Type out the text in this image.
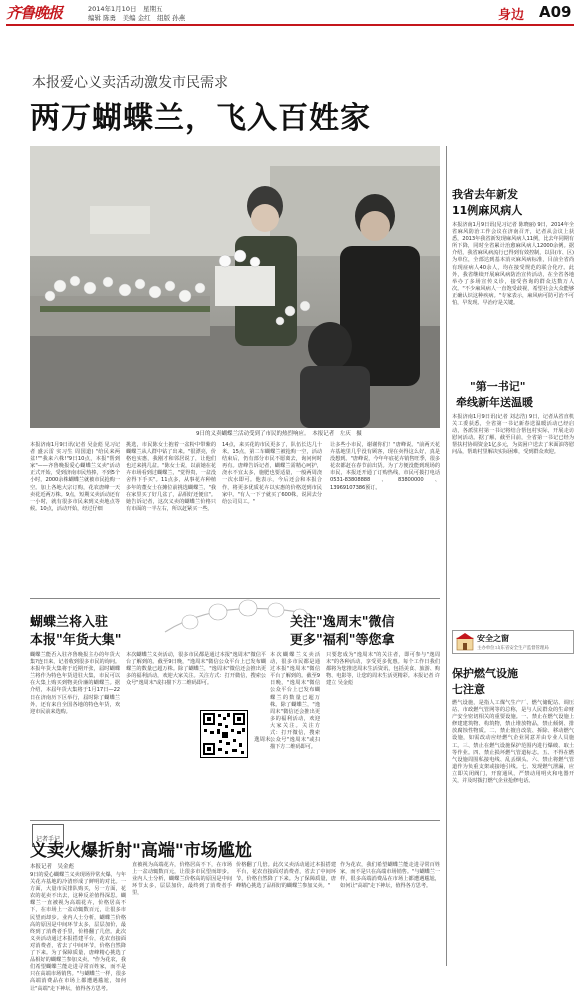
齐鲁晚报	2014年1月10日　星期五
编辑 陈勇　美编 金红　组版 孙燕	身边 A09
本报爱心义卖活动激发市民需求
两万蝴蝶兰，飞入百姓家
9日的义卖蝴蝶兰活动受到了市民的热烈响应。　本报记者　左庆　摄
本报济南1月9日讯(记者 吴金彪 见习记者 盛云雷 实习生 周国道) "给民来两盆!""我来六株!"9日10点，本报"帮到家"——齐鲁晚报爱心蝴蝶兰义卖"活动正式开始，受到济南市民热捧，不到5个小时，2000余株蝴蝶兰就被市民抢购一空。加上各地大宗订购，花农唐峰一天卖花近两万株。9点，短期义卖活动还有一小时，就有很多市民来到义卖地点等候。10点，活动开始，经过仔细
挑选，市民陈女士抱着一盆粉中带紫的蝴蝶兰从人群中钻了出来。"很漂亮，价格也实惠，我刚才和邻居说了，让他们也过来挑几盆。"陈女士说，以前她在花卉市场看到过蝴蝶兰，"觉得贵，一盆没舍得下手买"。11点多，从事花卉种植多年的董女士在摊位前挑选蝴蝶兰，"我在家里买了好几盆了，品相好还便宜"。她告诉记者，这次义卖的蝴蝶兰价格只有市面的一半左右，所以赶紧买一些。
14点，来买花的市民更多了，队伍长达几十米。15点，第二车蝴蝶兰被抢购一空，活动结束后，仍有部分市民不愿离去，询问何时再有。唐峰告诉记者，蝴蝶兰需精心呵护，浇水不宜太多，施肥也要适量，一般两周浇一次水即可。他表示，今后还会和本报合作，将更多优质花卉以实惠的价格送到市民家中。"有人一下子就买了600株，说回去分给公司员工。"
让多些小市民，谢谢你们！"唐峰说。"前两天花卉基地里几乎没有顾客，现在卖得这么好，真是没想到。"唐峰说，今年年底花卉销售旺季，很多花农都赶在春节前出货。为了方便没能到现场的市民，本报还开通了订购热线，市民可拨打电话0531-83808888、83800000、13969107386预订。
我省去年新发
11例麻风病人
本报济南1月9日讯(见习记者 陈晓丽) 9日，2014年全省麻风防治工作会议在济南召开，记者从会议上获悉，2013年我省新发现麻风病人11例，比去年同期有所下降，同时全省累计治愈麻风病人12000余例。据介绍，我省麻风病流行已得到有效控制，以县(市、区)为单位，全部达到基本消灭麻风病标准，目前全省尚有现症病人40余人，均在接受规范的联合化疗。此外，我省继续开展麻风病防治宣传活动，在全省各地举办了多场宣传义诊，接受咨询的群众达数万人次。"不少麻风病人一直饱受歧视，希望社会大众能够正确认识这种疾病。"专家表示，麻风病可防可治不可怕，早发现、早治疗是关键。
"第一书记"
牵线新年送温暖
本报济南1月9日讯(记者 刘志浩) 9日，记者从省直机关工委获悉，全省第一书记新春送温暖活动已经启动，各派驻村第一书记将结合帮包村实际，开展走访慰问活动。据了解，截至目前，全省第一书记已经为帮扶村协调资金1亿多元，为贫困户送去了米面油等慰问品，帮助村里解决实际困难，受到群众欢迎。
安全之窗
主办单位:山东省安全生产监督管理局
保护燃气设施
七注意
燃气设施，是指人工煤气生产厂、燃气储配站、调压站、市政燃气管网等的总称，是与人民群众的生命财产安全密切相关的重要设施。一、禁止在燃气设施上修建建筑物、构筑物，禁止堆放物品，禁止倾倒、排放腐蚀性物质。二、禁止擅自改装、拆除、移动燃气设施，如需改动应经燃气企业同意并由专业人员施工。三、禁止在燃气设施保护范围内进行爆破、取土等作业。四、禁止损坏燃气管道标志。五、不得在燃气设施周围私接电线、乱丢烟头。六、禁止将燃气管道作为负重支架或接地引线。七、发现燃气泄漏，应立即关闭阀门，开窗通风，严禁动用明火和电器开关，并及时拨打燃气企业抢修电话。
蝴蝶兰将入驻
本报"年货大集"
蝴蝶兰能否入驻齐鲁晚报主办的年货大集?连日来，记者收到很多市民的询问。本报年货大集将于近期开张，届时蝴蝶兰将作为特色年货进驻大集，市民可以在大集上购买到物美价廉的蝴蝶兰。据介绍，本届年货大集将于1月17日—22日在济南历下区举行，届时除了蝴蝶兰外，还有来自全国各地的特色年货，欢迎市民前来选购。
关注"逸周末"微信
更多"福利"等您拿
本次蝴蝶兰义卖活动，很多市民都是通过本报"逸周末"微信平台了解到的。截至9日晚，"逸周末"微信公众平台上已发布蝴蝶兰的数量已超万株。除了蝴蝶兰，"逸周末"微信还会推出更多的福利活动，欢迎大家关注。关注方式：打开微信，搜索公众号"逸周末"或扫描下方二维码即可。
逸周末
只要您成为"逸周末"的关注者，即可参与"逸周末"的各种活动，享受更多优惠。每个工作日我们都将为您推送周末生活资讯，包括美食、旅游、购物、电影等，让您的周末生活更精彩。本报记者 许建立 吴金彪
本次蝴蝶兰义卖活动，很多市民都是通过本报"逸周末"微信平台了解到的。截至9日晚，"逸周末"微信公众平台上已发布蝴蝶兰的数量已超万株。除了蝴蝶兰，"逸周末"微信还会推出更多的福利活动，欢迎大家关注。关注方式：打开微信，搜索公众号"逸周末"或扫描下方二维码即可。
记者手记
义卖火爆折射"高端"市场尴尬
本报记者　吴金彪
9日的爱心蝴蝶兰义卖现场异常火爆，与年关花卉基地的冷清形成了鲜明的对比。一方面，大量市民排队购买，另一方面，花农的花卖不出去，这种反差值得深思。蝴蝶兰一直被视为高端花卉，价格居高不下，在市场上一盆动辄数百元，让很多市民望而却步。业内人士分析，蝴蝶兰价格高的原因是中间环节太多，层层加价，最终到了消费者手里，价格翻了几倍。此次义卖活动通过本报搭建平台，花农直接面对消费者，省去了中间环节，价格自然降了下来。为了保障质量，唐峰精心挑选了品相好的蝴蝶兰参加义卖。"作为花农，我们希望蝴蝶兰能走进寻常百姓家，而不是只在高端市场销售。"与蝴蝶兰一样，很多高端消费品在市场上都遭遇尴尬，如何让"高端"走下神坛，值得各方思考。
直被视为高端花卉，价格居高不下，在市场上一盆动辄数百元，让很多市民望而却步。业内人士分析，蝴蝶兰价格高的原因是中间环节太多，层层加价，最终到了消费者手里，
价格翻了几倍。此次义卖活动通过本报搭建平台，花农直接面对消费者，省去了中间环节，价格自然降了下来。为了保障质量，唐峰精心挑选了品相好的蝴蝶兰参加义卖。"
作为花农，我们希望蝴蝶兰能走进寻常百姓家，而不是只在高端市场销售。"与蝴蝶兰一样，很多高端消费品在市场上都遭遇尴尬，如何让"高端"走下神坛，值得各方思考。
